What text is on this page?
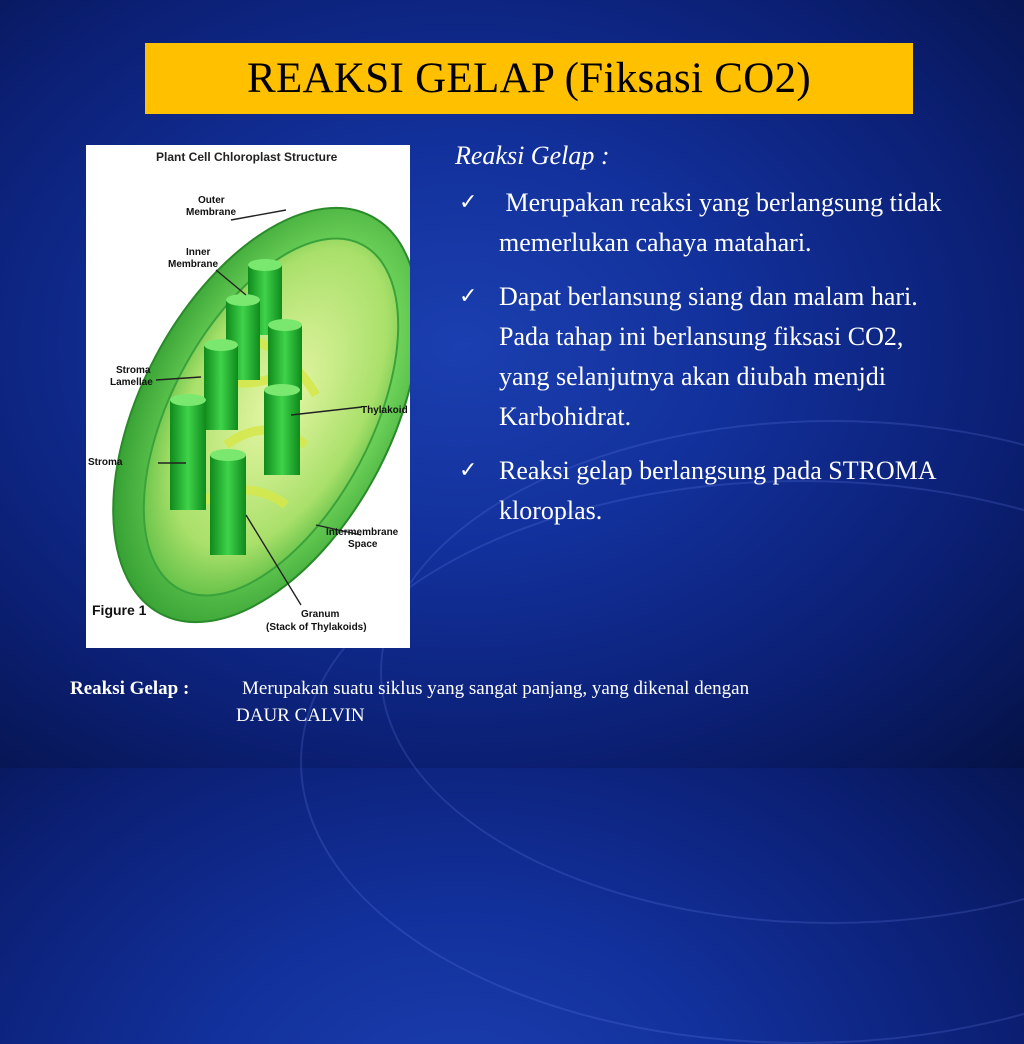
REAKSI GELAP (Fiksasi CO2)
Plant Cell Chloroplast Structure
Outer
Membrane
Inner
Membrane
Stroma
Lamellae
Stroma
Thylakoid
Intermembrane
Space
Granum
(Stack of Thylakoids)
Figure 1
Reaksi Gelap :
✓ Merupakan reaksi yang berlangsung tidak memerlukan cahaya matahari.
✓ Dapat berlansung siang dan malam hari. Pada tahap ini berlansung fiksasi CO2, yang selanjutnya akan diubah menjdi Karbohidrat.
✓ Reaksi gelap berlangsung pada STROMA kloroplas.
Reaksi Gelap :	Merupakan suatu siklus yang sangat panjang, yang dikenal dengan
DAUR CALVIN
